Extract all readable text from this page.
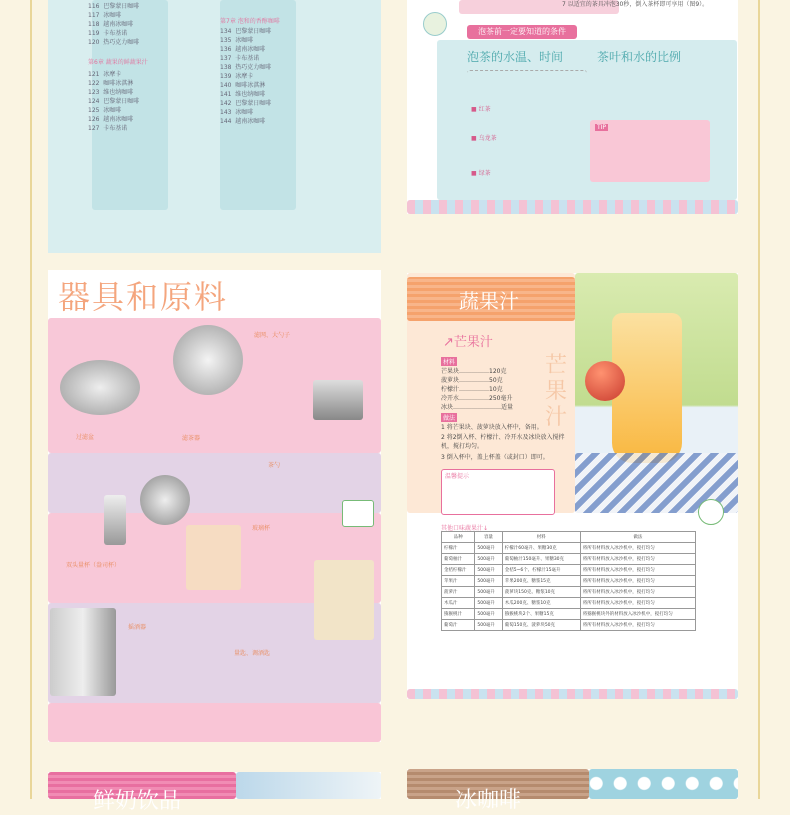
116 巴黎蒙日咖啡
117 冰咖啡
118 越南冰咖啡
119 卡布基诺
120 热巧克力咖啡
第6章 蔬果的鲜蔬果汁
121 冰摩卡
122 咖啡冰淇淋
123 维也纳咖啡
124 巴黎蒙日咖啡
125 冰咖啡
126 越南冰咖啡
127 卡布基诺
第7章 泡和的香醇咖啡
134 巴黎蒙日咖啡
135 冰咖啡
136 越南冰咖啡
137 卡布基诺
138 热巧克力咖啡
139 冰摩卡
140 咖啡冰淇淋
141 维也纳咖啡
142 巴黎蒙日咖啡
143 冰咖啡
144 越南冰咖啡
7 以适宜的茶具冲泡30秒，倒入茶杯即可享用（图9）。
泡茶前一定要知道的条件
泡茶的水温、时间	茶叶和水的比例
■ 红茶
■ 乌龙茶
■ 绿茶
TIP
器具和原料
滤网、大勺子
过滤盆	滤茶器
茶勺
玻璃杯
双头量杯（盎司杯）
摇酒器
量匙、调酒匙
蔬果汁
↗芒果汁
芒果汁
材料
芒果块……………120克
菠萝块……………50克
柠檬汁……………10克
冷开水……………250毫升
冰块……………………适量
做法
1 将芒果块、菠萝块放入杯中，备用。
2 将2倒入杯、柠檬汁、冷开水及冰块放入搅拌机，搅打均匀。
3 倒入杯中，盖上杯盖（或封口）即可。
温馨提示
其他口味蔬果汁↓
品种	容量	材料	做法
柠檬汁	500毫升	柠檬汁60毫升、果糖30克	将所有材料放入冰沙机中，搅打均匀
葡萄柚汁	500毫升	葡萄柚汁150毫升、果糖30克	将所有材料放入冰沙机中，搅打均匀
金桔柠檬汁	500毫升	金桔5~6个、柠檬汁15毫升	将所有材料放入冰沙机中，搅打均匀
苹果汁	500毫升	苹果200克、糖浆15克	将所有材料放入冰沙机中，搅打均匀
菠萝汁	500毫升	菠萝块150克、糖浆10克	将所有材料放入冰沙机中，搅打均匀
木瓜汁	500毫升	木瓜200克、糖浆10克	将所有材料放入冰沙机中，搅打均匀
猕猴桃汁	500毫升	猕猴桃块2个、果糖15克	将猕猴桃块外的材料放入冰沙机中，搅打均匀
葡萄汁	500毫升	葡萄150克、菠萝块50克	将所有材料放入冰沙机中，搅打均匀
鲜奶饮品	冰咖啡
